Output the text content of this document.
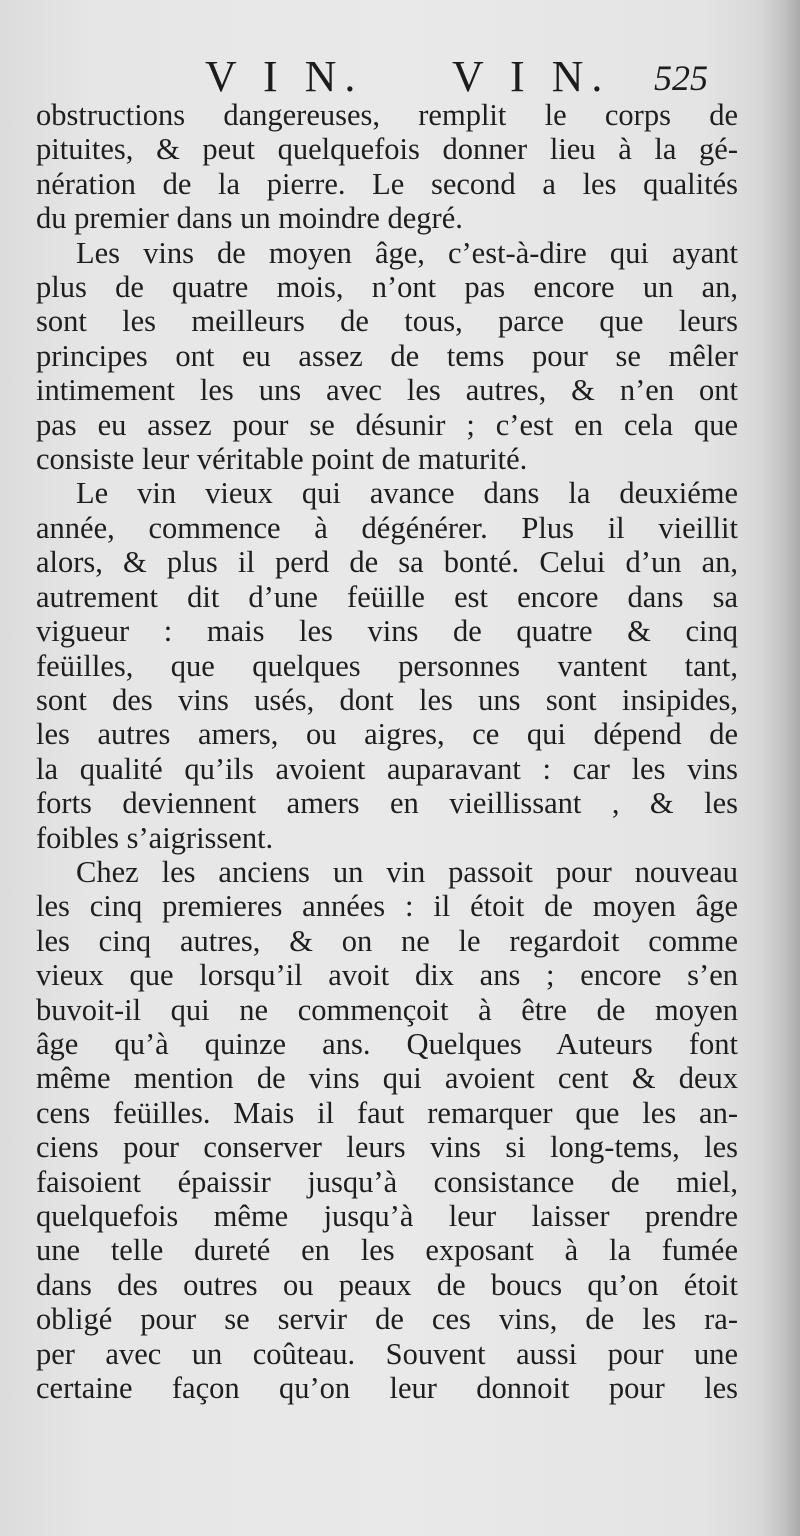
V I N. V I N. 525

obstructions dangereuses, remplit le corps de
pituites, & peut quelquefois donner lieu à la gé-
nération de la pierre. Le second a les qualités
du premier dans un moindre degré.

Les vins de moyen âge, c’est-à-dire qui ayant
plus de quatre mois, n’ont pas encore un an,
sont les meilleurs de tous, parce que leurs
principes ont eu assez de tems pour se mêler
intimement les uns avec les autres, & n’en ont
pas eu assez pour se désunir ; c’est en cela que
consiste leur véritable point de maturité.

Le vin vieux qui avance dans la deuxiéme
année, commence à dégénérer. Plus il vieillit
alors, & plus il perd de sa bonté. Celui d’un an,
autrement dit d’une feüille est encore dans sa
vigueur : mais les vins de quatre & cinq
feüilles, que quelques personnes vantent tant,
sont des vins usés, dont les uns sont insipides,
les autres amers, ou aigres, ce qui dépend de
la qualité qu’ils avoient auparavant : car les vins
forts deviennent amers en vieillissant , & les
foibles s’aigrissent.

Chez les anciens un vin passoit pour nouveau
les cinq premieres années : il étoit de moyen âge
les cinq autres, & on ne le regardoit comme
vieux que lorsqu’il avoit dix ans ; encore s’en
buvoit-il qui ne commençoit à être de moyen
âge qu’à quinze ans. Quelques Auteurs font
même mention de vins qui avoient cent & deux
cens feüilles. Mais il faut remarquer que les an-
ciens pour conserver leurs vins si long-tems, les
faisoient épaissir jusqu’à consistance de miel,
quelquefois même jusqu’à leur laisser prendre
une telle dureté en les exposant à la fumée
dans des outres ou peaux de boucs qu’on étoit
obligé pour se servir de ces vins, de les ra-
per avec un coûteau. Souvent aussi pour une
certaine façon qu’on leur donnoit pour les
